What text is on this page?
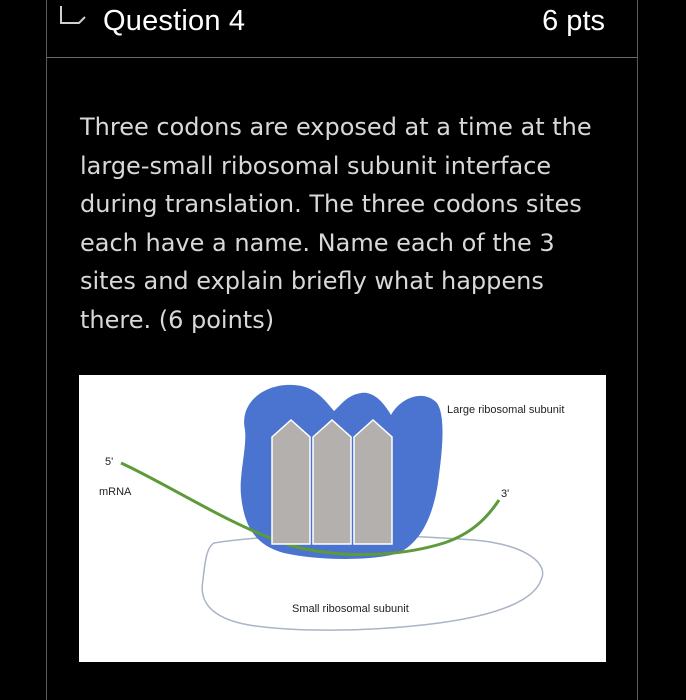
Question 4	6 pts
Three codons are exposed at a time at the large-small ribosomal subunit interface during translation. The three codons sites each have a name. Name each of the 3 sites and explain briefly what happens there. (6 points)
Large ribosomal subunit
Small ribosomal subunit
5'
mRNA	3'
